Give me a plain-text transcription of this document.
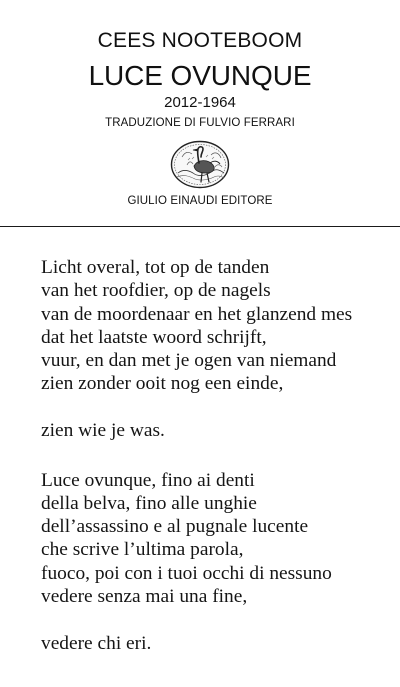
CEES NOOTEBOOM
LUCE OVUNQUE
2012-1964
TRADUZIONE DI FULVIO FERRARI
GIULIO EINAUDI EDITORE
Licht overal, tot op de tanden
van het roofdier, op de nagels
van de moordenaar en het glanzend mes
dat het laatste woord schrijft,
vuur, en dan met je ogen van niemand
zien zonder ooit nog een einde,
zien wie je was.
Luce ovunque, fino ai denti
della belva, fino alle unghie
dell’assassino e al pugnale lucente
che scrive l’ultima parola,
fuoco, poi con i tuoi occhi di nessuno
vedere senza mai una fine,
vedere chi eri.
